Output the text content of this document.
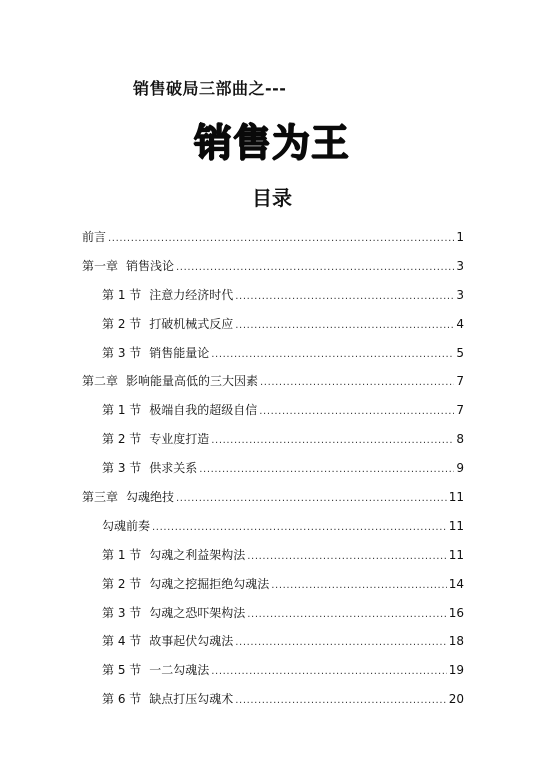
销售破局三部曲之---
销售为王
目录
前言 .....	1
第一章 销售浅论 .....	3
第 1 节 注意力经济时代 .....	3
第 2 节 打破机械式反应 .....	4
第 3 节 销售能量论 .....	5
第二章 影响能量高低的三大因素 .....	7
第 1 节 极端自我的超级自信 .....	7
第 2 节 专业度打造 .....	8
第 3 节 供求关系 .....	9
第三章 勾魂绝技 .....	11
勾魂前奏 .....	11
第 1 节 勾魂之利益架构法 .....	11
第 2 节 勾魂之挖掘拒绝勾魂法 .....	14
第 3 节 勾魂之恐吓架构法 .....	16
第 4 节 故事起伏勾魂法 .....	18
第 5 节 一二勾魂法 .....	19
第 6 节 缺点打压勾魂术 .....	20
